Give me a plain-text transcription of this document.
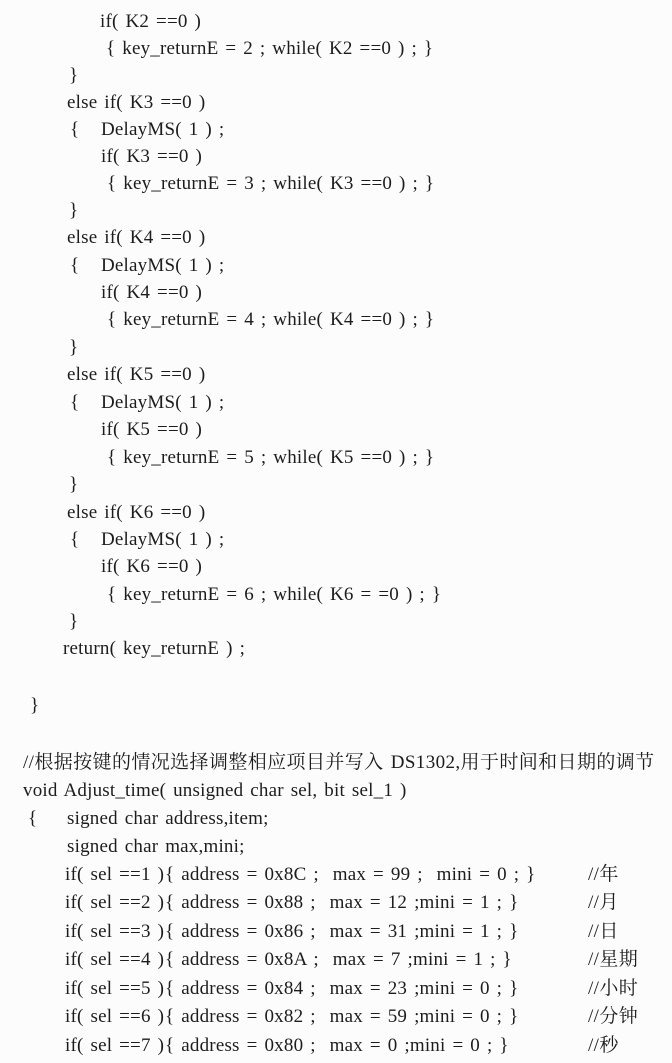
if( K2 ==0 )
{ key_returnE = 2 ; while( K2 ==0 ) ; }
}
else if( K3 ==0 )
{ DelayMS( 1 ) ;
if( K3 ==0 )
{ key_returnE = 3 ; while( K3 ==0 ) ; }
}
else if( K4 ==0 )
{ DelayMS( 1 ) ;
if( K4 ==0 )
{ key_returnE = 4 ; while( K4 ==0 ) ; }
}
else if( K5 ==0 )
{ DelayMS( 1 ) ;
if( K5 ==0 )
{ key_returnE = 5 ; while( K5 ==0 ) ; }
}
else if( K6 ==0 )
{ DelayMS( 1 ) ;
if( K6 ==0 )
{ key_returnE = 6 ; while( K6 = =0 ) ; }
}
return( key_returnE ) ;
}
//根据按键的情况选择调整相应项目并写入 DS1302,用于时间和日期的调节
void Adjust_time( unsigned char sel, bit sel_1 )
{ signed char address,item;
signed char max,mini;
if( sel ==1 ) { address = 0x8C ;  max = 99 ;  mini = 0 ; }	//年
if( sel ==2 ) { address = 0x88 ;  max = 12 ;mini = 1 ; }	//月
if( sel ==3 ) { address = 0x86 ;  max = 31 ;mini = 1 ; }	//日
if( sel ==4 ) { address = 0x8A ;  max = 7 ;mini = 1 ; }	//星期
if( sel ==5 ) { address = 0x84 ;  max = 23 ;mini = 0 ; }	//小时
if( sel ==6 ) { address = 0x82 ;  max = 59 ;mini = 0 ; }	//分钟
if( sel ==7 ) { address = 0x80 ;  max = 0 ;mini = 0 ; }	//秒
